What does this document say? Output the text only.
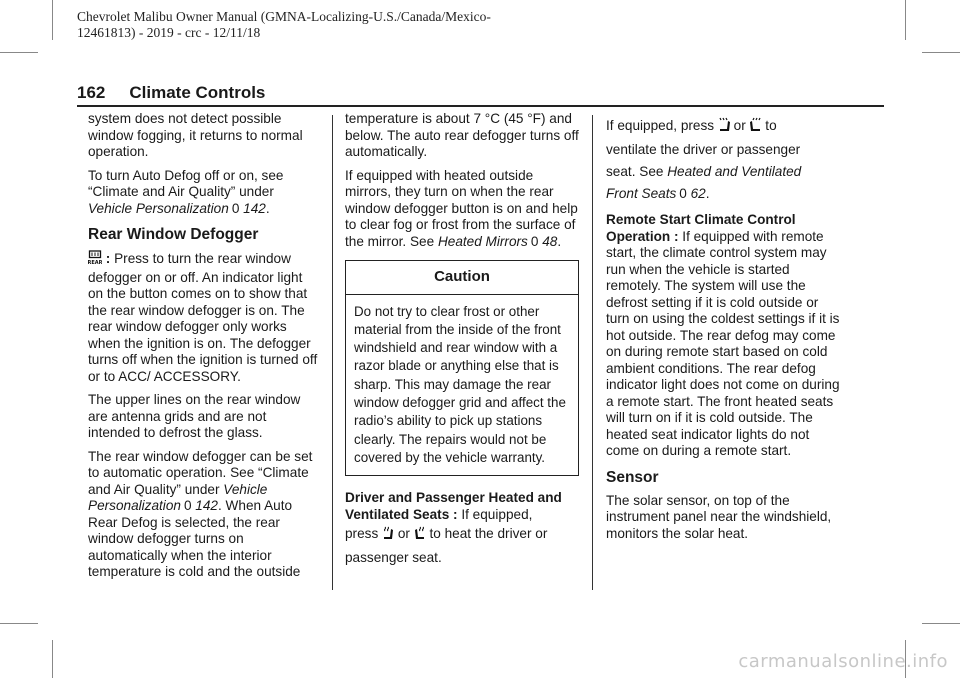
Chevrolet Malibu Owner Manual (GMNA-Localizing-U.S./Canada/Mexico-
12461813) - 2019 - crc - 12/11/18
162 Climate Controls

system does not detect possible window fogging, it returns to normal operation.

To turn Auto Defog off or on, see “Climate and Air Quality” under Vehicle Personalization 0 142.

Rear Window Defogger

REAR : Press to turn the rear window defogger on or off. An indicator light on the button comes on to show that the rear window defogger is on. The rear window defogger only works when the ignition is on. The defogger turns off when the ignition is turned off or to ACC/ ACCESSORY.

The upper lines on the rear window are antenna grids and are not intended to defrost the glass.

The rear window defogger can be set to automatic operation. See “Climate and Air Quality” under Vehicle Personalization 0 142. When Auto Rear Defog is selected, the rear window defogger turns on automatically when the interior temperature is cold and the outside

temperature is about 7 °C (45 °F) and below. The auto rear defogger turns off automatically.

If equipped with heated outside mirrors, they turn on when the rear window defogger button is on and help to clear fog or frost from the surface of the mirror. See Heated Mirrors 0 48.

Caution
Do not try to clear frost or other material from the inside of the front windshield and rear window with a razor blade or anything else that is sharp. This may damage the rear window defogger grid and affect the radio’s ability to pick up stations clearly. The repairs would not be covered by the vehicle warranty.

Driver and Passenger Heated and Ventilated Seats : If equipped,

press or to heat the driver or
passenger seat.

If equipped, press or to
ventilate the driver or passenger
seat. See Heated and Ventilated
Front Seats 0 62.

Remote Start Climate Control Operation : If equipped with remote start, the climate control system may run when the vehicle is started remotely. The system will use the defrost setting if it is cold outside or turn on using the coldest settings if it is hot outside. The rear defog may come on during remote start based on cold ambient conditions. The rear defog indicator light does not come on during a remote start. The front heated seats will turn on if it is cold outside. The heated seat indicator lights do not come on during a remote start.

Sensor

The solar sensor, on top of the instrument panel near the windshield, monitors the solar heat.

carmanualsonline.info
